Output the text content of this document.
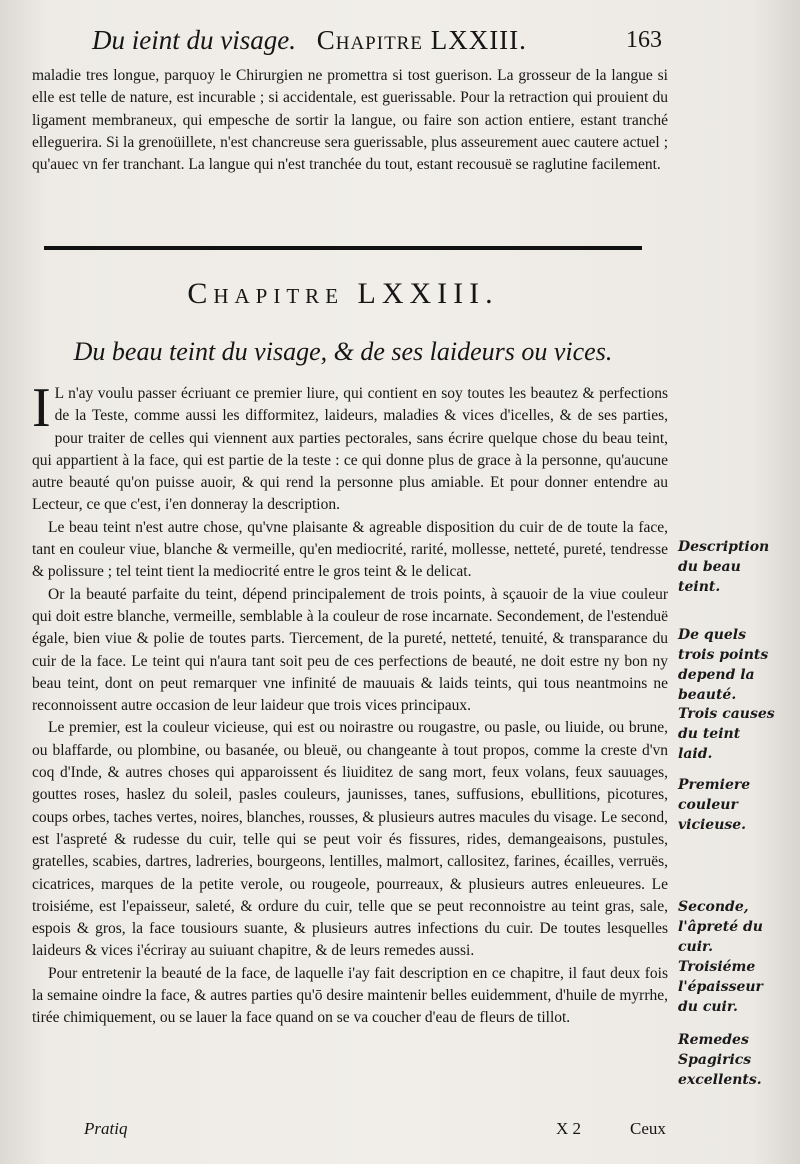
Du ieint du visage. Chapitre LXXIII.	163

maladie tres longue, parquoy le Chirurgien ne promettra si tost guerison. La grosseur de la langue si elle est telle de nature, est incurable ; si accidentale, est guerissable. Pour la retraction qui prouient du ligament membraneux, qui empesche de sortir la langue, ou faire son action entiere, estant tranché elleguerira. Si la grenoüillete, n'est chancreuse sera guerissable, plus asseurement auec cautere actuel ; qu'auec vn fer tranchant. La langue qui n'est tranchée du tout, estant recousuë se raglutine facilement.

Chapitre LXXIII.
Du beau teint du visage, & de ses laideurs ou vices.

I L n'ay voulu passer écriuant ce premier liure, qui contient en soy toutes les beautez & perfections de la Teste, comme aussi les difformitez, laideurs, maladies & vices d'icelles, & de ses parties, pour traiter de celles qui viennent aux parties pectorales, sans écrire quelque chose du beau teint, qui appartient à la face, qui est partie de la teste : ce qui donne plus de grace à la personne, qu'aucune autre beauté qu'on puisse auoir, & qui rend la personne plus amiable. Et pour donner entendre au Lecteur, ce que c'est, i'en donneray la description.

Le beau teint n'est autre chose, qu'vne plaisante & agreable disposition du cuir de de toute la face, tant en couleur viue, blanche & vermeille, qu'en mediocrité, rarité, mollesse, netteté, pureté, tendresse & polissure ; tel teint tient la mediocrité entre le gros teint & le delicat.

Or la beauté parfaite du teint, dépend principalement de trois points, à sçauoir de la viue couleur qui doit estre blanche, vermeille, semblable à la couleur de rose incarnate. Secondement, de l'estenduë égale, bien viue & polie de toutes parts. Tiercement, de la pureté, netteté, tenuité, & transparance du cuir de la face. Le teint qui n'aura tant soit peu de ces perfections de beauté, ne doit estre ny bon ny beau teint, dont on peut remarquer vne infinité de mauuais & laids teints, qui tous neantmoins ne reconnoissent autre occasion de leur laideur que trois vices principaux.

Le premier, est la couleur vicieuse, qui est ou noirastre ou rougastre, ou pasle, ou liuide, ou brune, ou blaffarde, ou plombine, ou basanée, ou bleuë, ou changeante à tout propos, comme la creste d'vn coq d'Inde, & autres choses qui apparoissent és liuiditez de sang mort, feux volans, feux sauuages, gouttes roses, haslez du soleil, pasles couleurs, jaunisses, tanes, suffusions, ebullitions, picotures, coups orbes, taches vertes, noires, blanches, rousses, & plusieurs autres macules du visage. Le second, est l'aspreté & rudesse du cuir, telle qui se peut voir és fissures, rides, demangeaisons, pustules, gratelles, scabies, dartres, ladreries, bourgeons, lentilles, malmort, callositez, farines, écailles, verruës, cicatrices, marques de la petite verole, ou rougeole, pourreaux, & plusieurs autres enleueures. Le troisiéme, est l'epaisseur, saleté, & ordure du cuir, telle que se peut reconnoistre au teint gras, sale, espois & gros, la face tousiours suante, & plusieurs autres infections du cuir. De toutes lesquelles laideurs & vices i'écriray au suiuant chapitre, & de leurs remedes aussi.

Pour entretenir la beauté de la face, de laquelle i'ay fait description en ce chapitre, il faut deux fois la semaine oindre la face, & autres parties qu'ō desire maintenir belles euidemment, d'huile de myrrhe, tirée chimiquement, ou se lauer la face quand on se va coucher d'eau de fleurs de tillot.

Description du beau teint.
De quels trois points depend la beauté.
Trois causes du teint laid.
Premiere couleur vicieuse.
Seconde, l'âpreté du cuir.
Troisiéme l'épaisseur du cuir.
Remedes Spagirics excellents.
Pratiq	X 2	Ceux
